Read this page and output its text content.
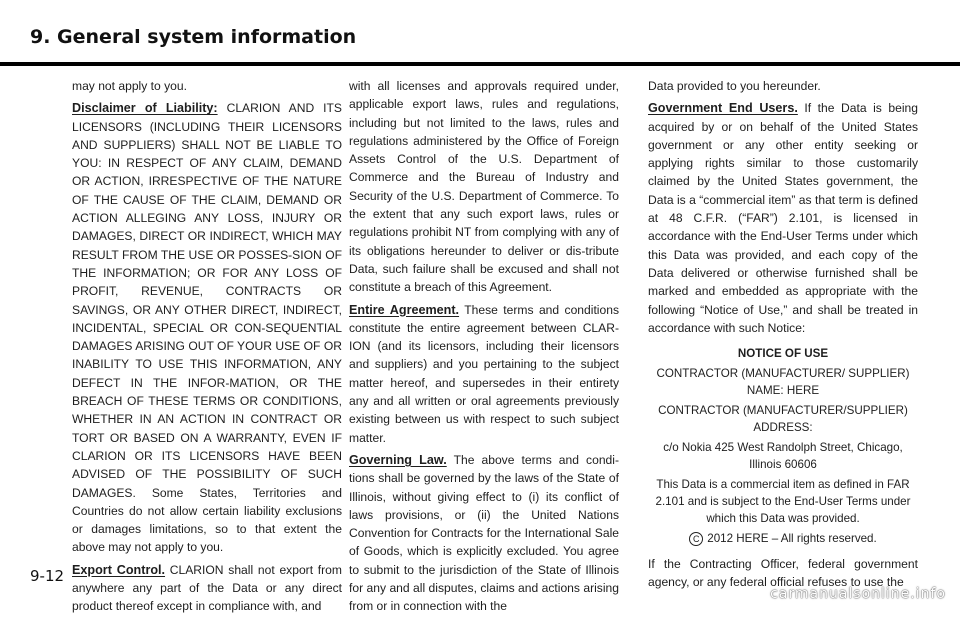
9. General system information

may not apply to you.

Disclaimer of Liability: CLARION AND ITS LICENSORS (INCLUDING THEIR LICENSORS AND SUPPLIERS) SHALL NOT BE LIABLE TO YOU: IN RESPECT OF ANY CLAIM, DEMAND OR ACTION, IRRESPECTIVE OF THE NATURE OF THE CAUSE OF THE CLAIM, DEMAND OR ACTION ALLEGING ANY LOSS, INJURY OR DAMAGES, DIRECT OR INDIRECT, WHICH MAY RESULT FROM THE USE OR POSSES-SION OF THE INFORMATION; OR FOR ANY LOSS OF PROFIT, REVENUE, CONTRACTS OR SAVINGS, OR ANY OTHER DIRECT, INDIRECT, INCIDENTAL, SPECIAL OR CON-SEQUENTIAL DAMAGES ARISING OUT OF YOUR USE OF OR INABILITY TO USE THIS INFORMATION, ANY DEFECT IN THE INFOR-MATION, OR THE BREACH OF THESE TERMS OR CONDITIONS, WHETHER IN AN ACTION IN CONTRACT OR TORT OR BASED ON A WARRANTY, EVEN IF CLARION OR ITS LICENSORS HAVE BEEN ADVISED OF THE POSSIBILITY OF SUCH DAMAGES. Some States, Territories and Countries do not allow certain liability exclusions or damages limitations, so to that extent the above may not apply to you.

Export Control. CLARION shall not export from anywhere any part of the Data or any direct product thereof except in compliance with, and

with all licenses and approvals required under, applicable export laws, rules and regulations, including but not limited to the laws, rules and regulations administered by the Office of Foreign Assets Control of the U.S. Department of Commerce and the Bureau of Industry and Security of the U.S. Department of Commerce. To the extent that any such export laws, rules or regulations prohibit NT from complying with any of its obligations hereunder to deliver or dis-tribute Data, such failure shall be excused and shall not constitute a breach of this Agreement.

Entire Agreement. These terms and conditions constitute the entire agreement between CLAR-ION (and its licensors, including their licensors and suppliers) and you pertaining to the subject matter hereof, and supersedes in their entirety any and all written or oral agreements previously existing between us with respect to such subject matter.

Governing Law. The above terms and condi-tions shall be governed by the laws of the State of Illinois, without giving effect to (i) its conflict of laws provisions, or (ii) the United Nations Convention for Contracts for the International Sale of Goods, which is explicitly excluded. You agree to submit to the jurisdiction of the State of Illinois for any and all disputes, claims and actions arising from or in connection with the

Data provided to you hereunder.

Government End Users. If the Data is being acquired by or on behalf of the United States government or any other entity seeking or applying rights similar to those customarily claimed by the United States government, the Data is a “commercial item” as that term is defined at 48 C.F.R. (“FAR”) 2.101, is licensed in accordance with the End-User Terms under which this Data was provided, and each copy of the Data delivered or otherwise furnished shall be marked and embedded as appropriate with the following “Notice of Use,” and shall be treated in accordance with such Notice:

NOTICE OF USE
CONTRACTOR (MANUFACTURER/ SUPPLIER) NAME: HERE
CONTRACTOR (MANUFACTURER/SUPPLIER) ADDRESS:
c/o Nokia 425 West Randolph Street, Chicago, Illinois 60606
This Data is a commercial item as defined in FAR 2.101 and is subject to the End-User Terms under which this Data was provided.
C 2012 HERE – All rights reserved.

If the Contracting Officer, federal government agency, or any federal official refuses to use the

9-12
carmanualsonline.info
